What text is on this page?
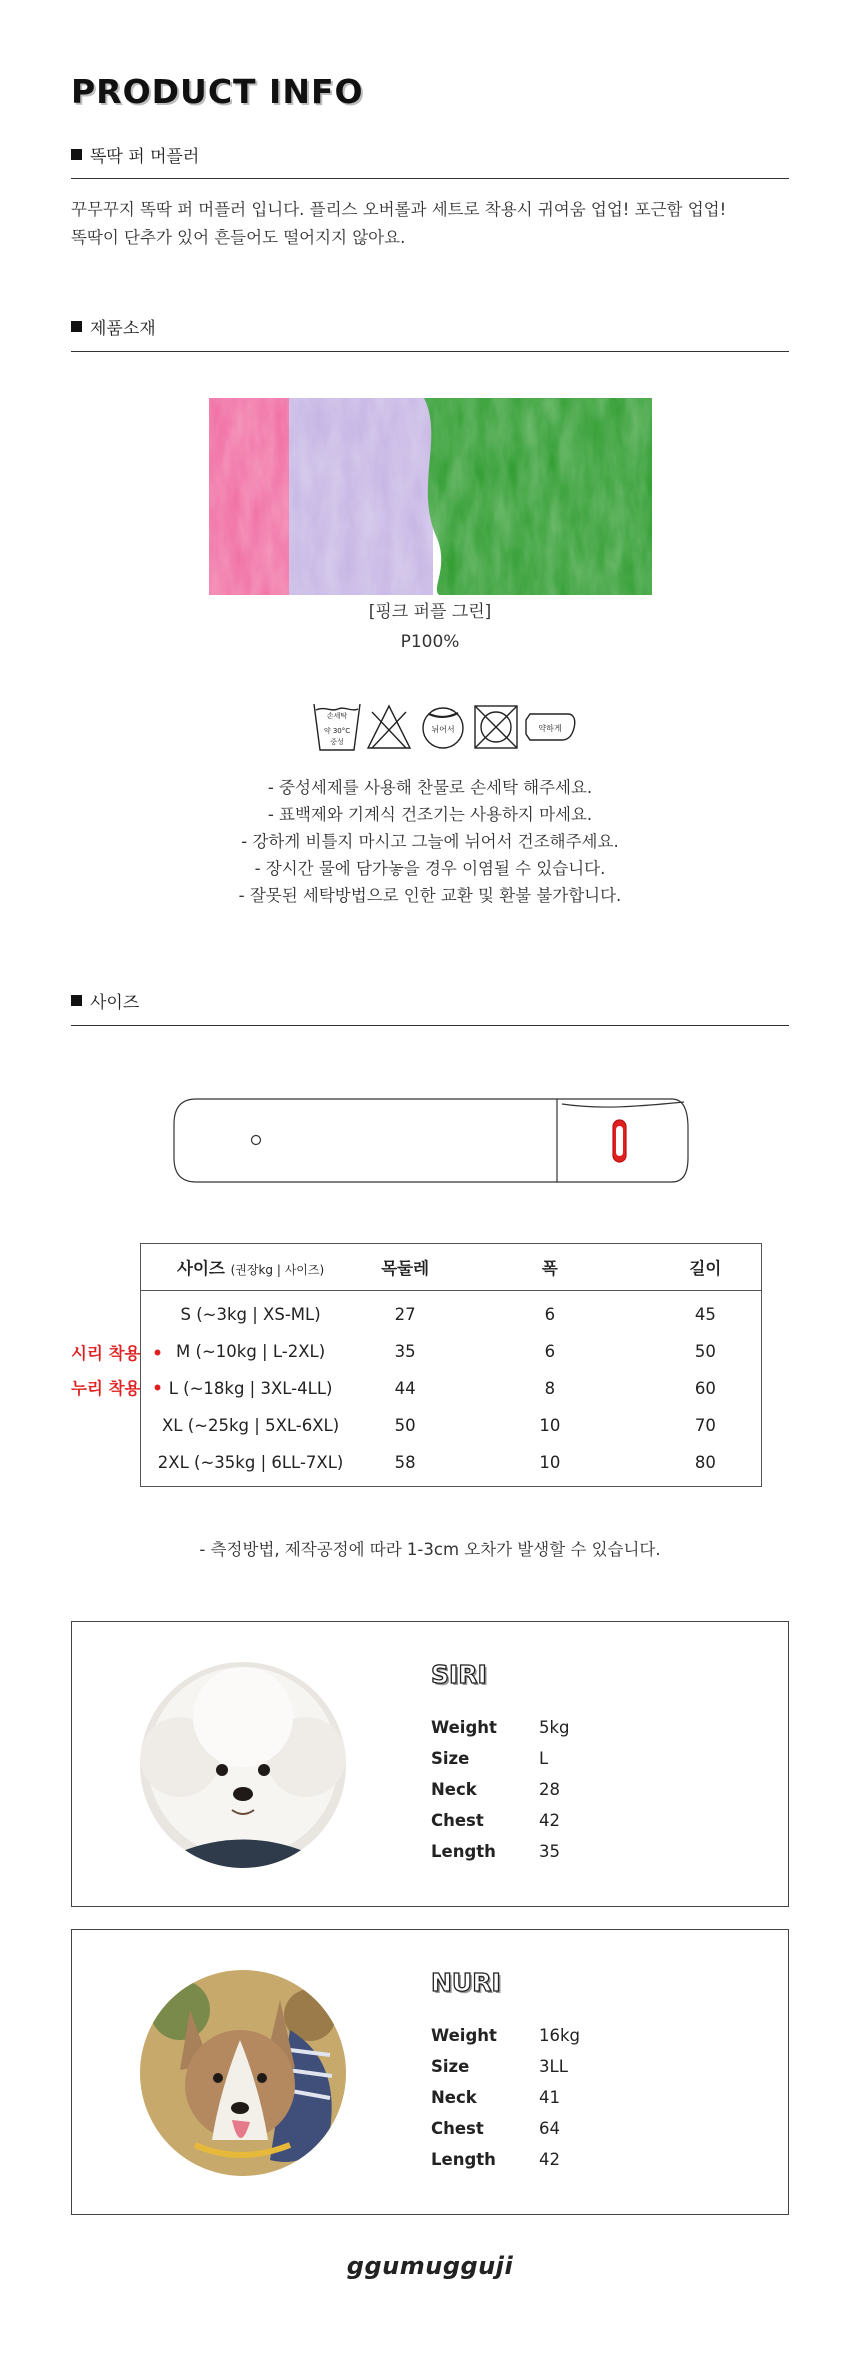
PRODUCT INFO
똑딱 퍼 머플러
꾸무꾸지 똑딱 퍼 머플러 입니다. 플리스 오버롤과 세트로 착용시 귀여움 업업! 포근함 업업!
똑딱이 단추가 있어 흔들어도 떨어지지 않아요.
제품소재
[핑크 퍼플 그린]
P100%
손세탁
약 30°C
중성
뉘어서	약하게
- 중성세제를 사용해 찬물로 손세탁 해주세요.
- 표백제와 기계식 건조기는 사용하지 마세요.
- 강하게 비틀지 마시고 그늘에 뉘어서 건조해주세요.
- 장시간 물에 담가놓을 경우 이염될 수 있습니다.
- 잘못된 세탁방법으로 인한 교환 및 환불 불가합니다.
사이즈
시리 착용 •
누리 착용 •
사이즈 (권장kg | 사이즈)	목둘레	폭	길이
S (~3kg | XS-ML)	27	6	45
M (~10kg | L-2XL)	35	6	50
L (~18kg | 3XL-4LL)	44	8	60
XL (~25kg | 5XL-6XL)	50	10	70
2XL (~35kg | 6LL-7XL)	58	10	80
- 측정방법, 제작공정에 따라 1-3cm 오차가 발생할 수 있습니다.
SIRI
Weight	5kg
Size	L
Neck	28
Chest	42
Length	35
NURI
Weight	16kg
Size	3LL
Neck	41
Chest	64
Length	42
ggumugguji
